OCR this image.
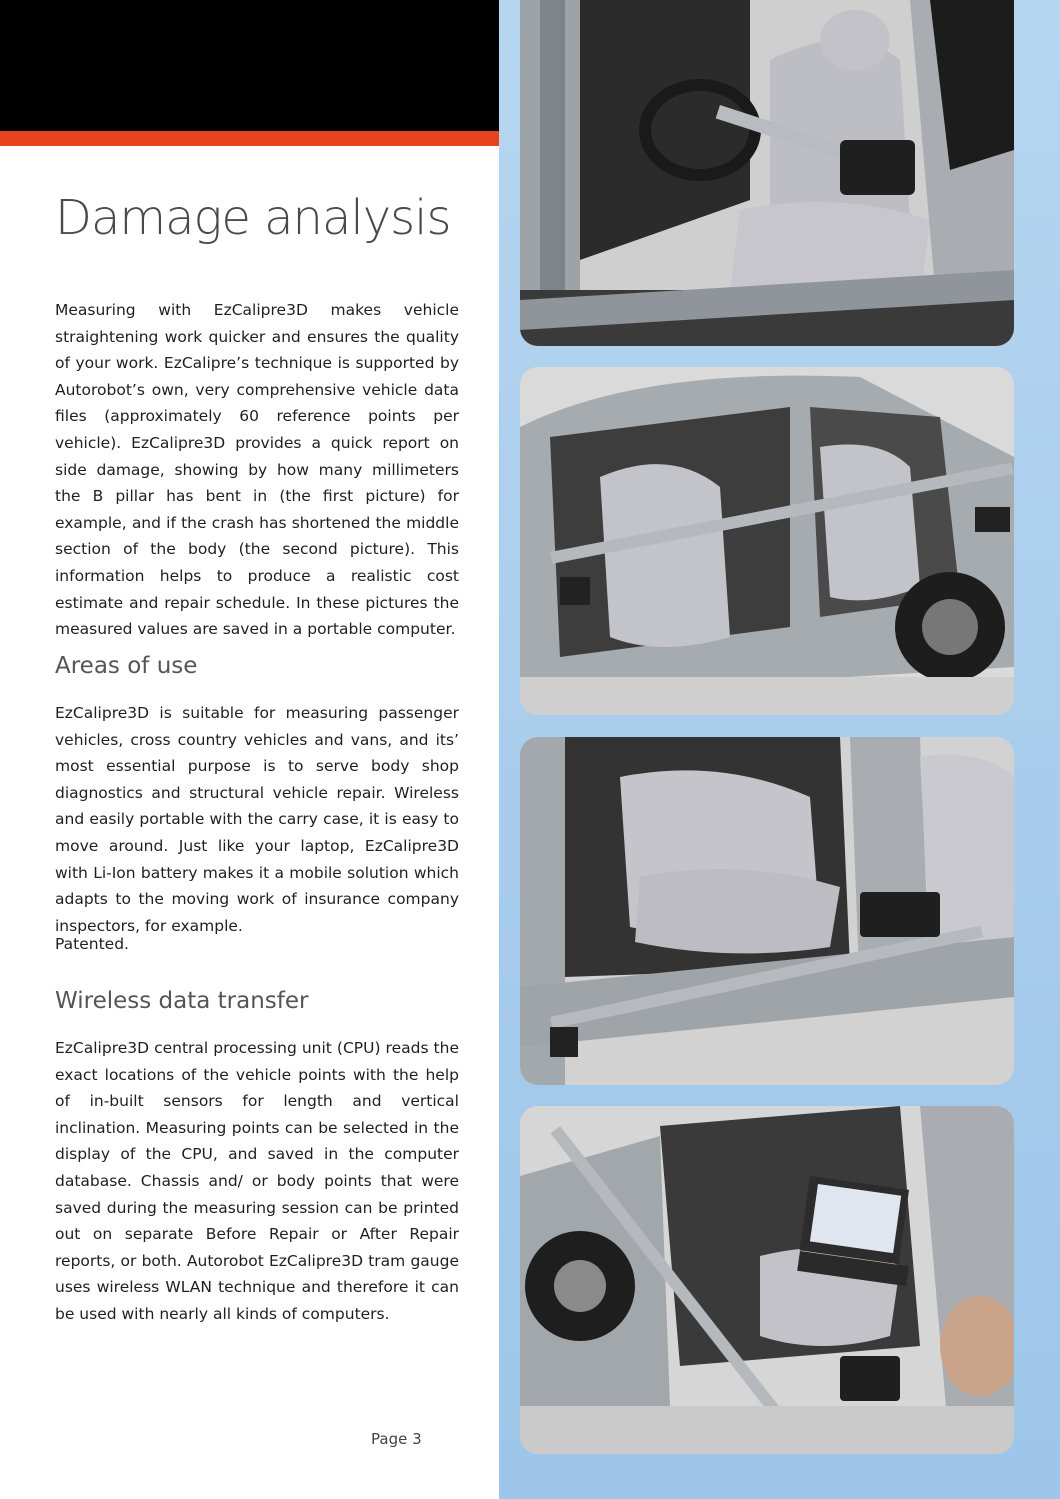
Damage analysis

Measuring with EzCalipre3D makes vehicle straightening work quicker and ensures the quality of your work. EzCalipre’s technique is supported by Autorobot’s own, very comprehensive vehicle data files (approximately 60 reference points per vehicle). EzCalipre3D provides a quick report on side damage, showing by how many millimeters the B pillar has bent in (the first picture) for example, and if the crash has shortened the middle section of the body (the second picture). This information helps to produce a realistic cost estimate and repair schedule. In these pictures the measured values are saved in a portable computer.

Areas of use

EzCalipre3D is suitable for measuring passenger vehicles, cross country vehicles and vans, and its’ most essential purpose is to serve body shop diagnostics and structural vehicle repair. Wireless and easily portable with the carry case, it is easy to move around. Just like your laptop, EzCalipre3D with Li-Ion battery makes it a mobile solution which adapts to the moving work of insurance company inspectors, for example.

Patented.

Wireless data transfer

EzCalipre3D central processing unit (CPU) reads the exact locations of the vehicle points with the help of in-built sensors for length and vertical inclination. Measuring points can be selected in the display of the CPU, and saved in the computer database. Chassis and/ or body points that were saved during the measuring session can be printed out on separate Before Repair or After Repair reports, or both. Autorobot EzCalipre3D tram gauge uses wireless WLAN technique and therefore it can be used with nearly all kinds of computers.

Page 3
